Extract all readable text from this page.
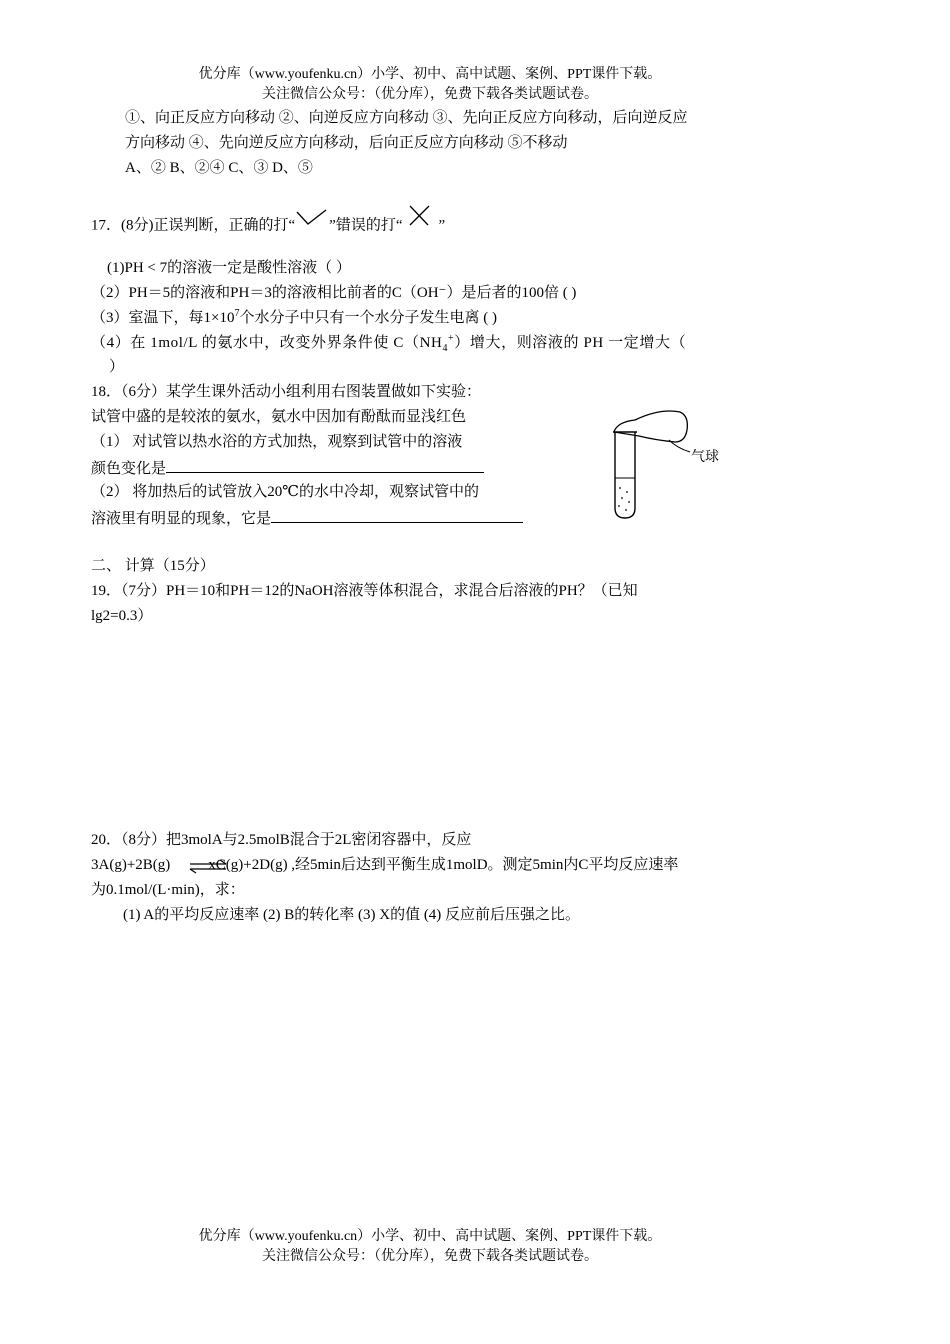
优分库（www.youfenku.cn）小学、初中、高中试题、案例、PPT课件下载。
关注微信公众号：（优分库），免费下载各类试题试卷。
①、向正反应方向移动 ②、向逆反应方向移动 ③、先向正反应方向移动，后向逆反应
方向移动 ④、先向逆反应方向移动，后向正反应方向移动 ⑤不移动
A、② B、②④ C、③ D、⑤
17．(8分)正误判断，正确的打“ ”错误的打“ ”
(1)PH < 7的溶液一定是酸性溶液（ ）
（2）PH＝5的溶液和PH＝3的溶液相比前者的C（OH⁻）是后者的100倍 ( )
（3）室温下，每$1\times 10^7$个水分子中只有一个水分子发生电离 ( )
（4）在 1mol/L 的氨水中，改变外界条件使 $C(NH_4^+)$增大，则溶液的 PH 一定增大（
）
18．（6分）某学生课外活动小组利用右图装置做如下实验：
试管中盛的是较浓的氨水，氨水中因加有酚酞而显浅红色
（1） 对试管以热水浴的方式加热，观察到试管中的溶液
颜色变化是
（2） 将加热后的试管放入20℃的水中冷却，观察试管中的
溶液里有明显的现象，它是
气球
二、 计算（15分）
19．（7分）PH＝10和PH＝12的NaOH溶液等体积混合，求混合后溶液的PH？（已知
lg2=0.3）
20．（8分）把3molA与2.5molB混合于2L密闭容器中，反应
3A(g)+2B(g) ⇌xC(g)+2D(g) ,经5min后达到平衡生成1molD。测定5min内C平均反应速率
为0.1mol/(L·min)，求：
(1) A的平均反应速率 (2) B的转化率 (3) X的值 (4) 反应前后压强之比。
优分库（www.youfenku.cn）小学、初中、高中试题、案例、PPT课件下载。
关注微信公众号：（优分库），免费下载各类试题试卷。
